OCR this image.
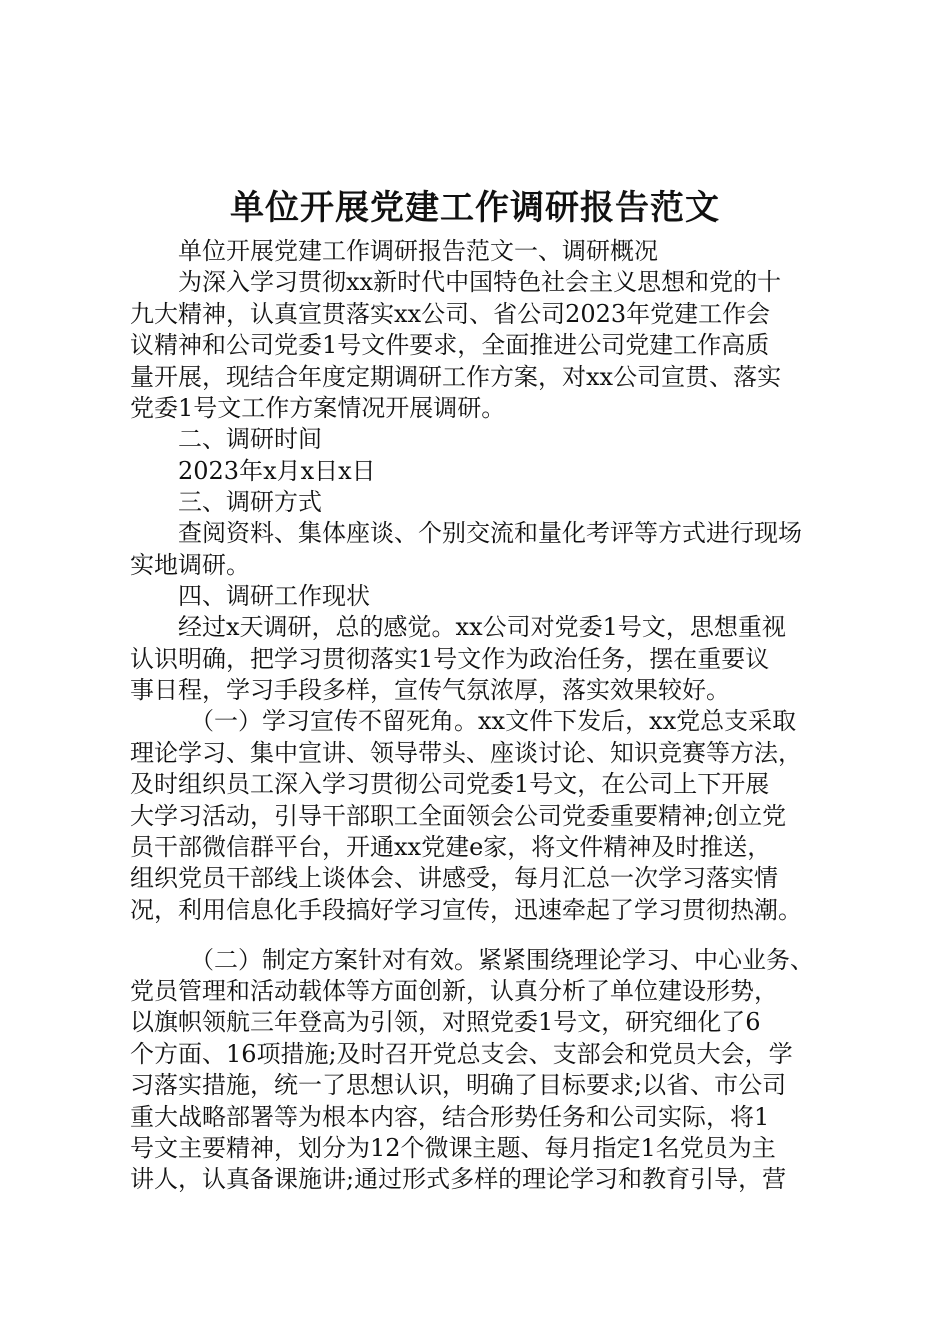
单位开展党建工作调研报告范文
单位开展党建工作调研报告范文一、调研概况
为深入学习贯彻xx新时代中国特色社会主义思想和党的十
九大精神，认真宣贯落实xx公司、省公司2023年党建工作会
议精神和公司党委1号文件要求，全面推进公司党建工作高质
量开展，现结合年度定期调研工作方案，对xx公司宣贯、落实
党委1号文工作方案情况开展调研。
二、调研时间
2023年x月x日x日
三、调研方式
查阅资料、集体座谈、个别交流和量化考评等方式进行现场
实地调研。
四、调研工作现状
经过x天调研，总的感觉。xx公司对党委1号文，思想重视
认识明确，把学习贯彻落实1号文作为政治任务，摆在重要议
事日程，学习手段多样，宣传气氛浓厚，落实效果较好。
（一）学习宣传不留死角。xx文件下发后，xx党总支采取
理论学习、集中宣讲、领导带头、座谈讨论、知识竞赛等方法，
及时组织员工深入学习贯彻公司党委1号文，在公司上下开展
大学习活动，引导干部职工全面领会公司党委重要精神;创立党
员干部微信群平台，开通xx党建e家，将文件精神及时推送，
组织党员干部线上谈体会、讲感受，每月汇总一次学习落实情
况，利用信息化手段搞好学习宣传，迅速牵起了学习贯彻热潮。
（二）制定方案针对有效。紧紧围绕理论学习、中心业务、
党员管理和活动载体等方面创新，认真分析了单位建设形势，
以旗帜领航三年登高为引领，对照党委1号文，研究细化了6
个方面、16项措施;及时召开党总支会、支部会和党员大会，学
习落实措施，统一了思想认识，明确了目标要求;以省、市公司
重大战略部署等为根本内容，结合形势任务和公司实际，将1
号文主要精神，划分为12个微课主题、每月指定1名党员为主
讲人，认真备课施讲;通过形式多样的理论学习和教育引导，营
